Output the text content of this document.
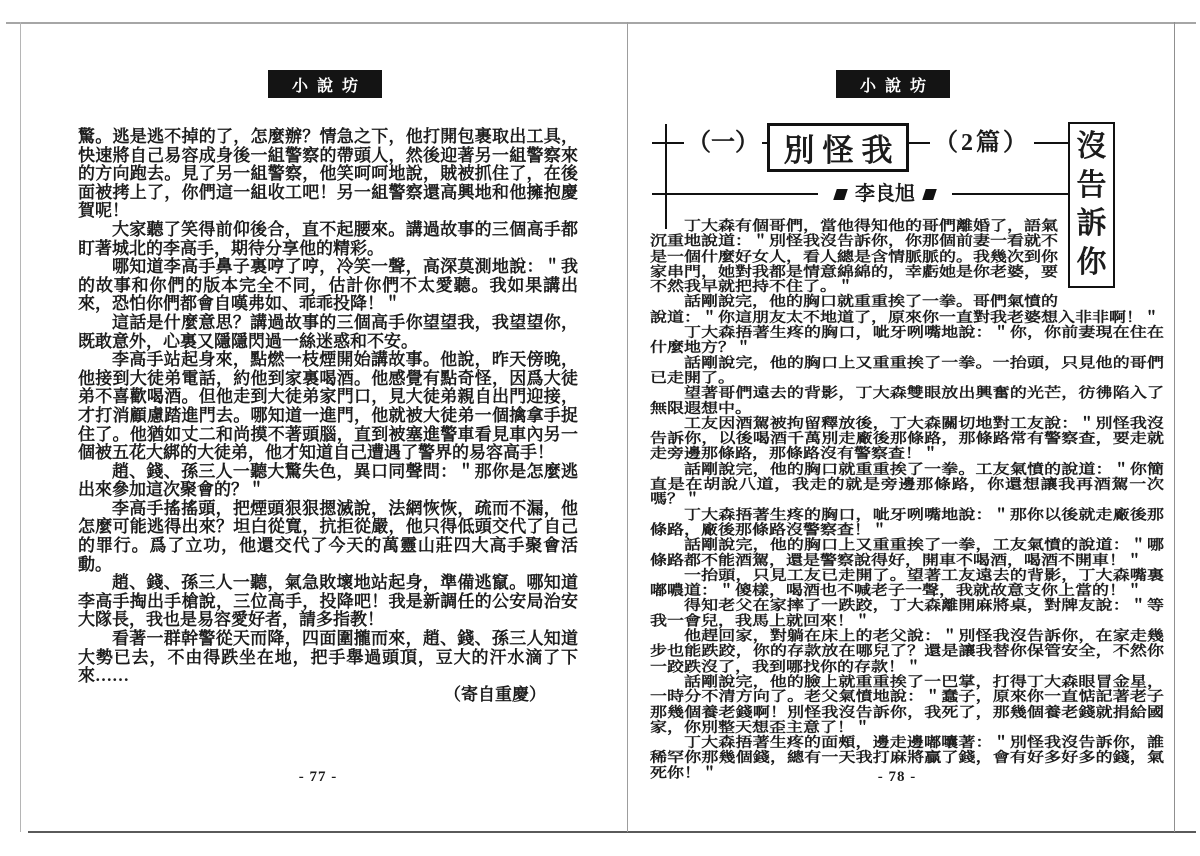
小說坊	小說坊

驚。逃是逃不掉的了，怎麼辦？情急之下，他打開包裹取出工具，快速將自己易容成身後一組警察的帶頭人，然後迎著另一組警察來的方向跑去。見了另一組警察，他笑呵呵地說，賊被抓住了，在後面被拷上了，你們這一組收工吧！另一組警察還高興地和他擁抱慶賀呢！

大家聽了笑得前仰後合，直不起腰來。講過故事的三個高手都盯著城北的李高手，期待分享他的精彩。

哪知道李高手鼻子裏哼了哼，冷笑一聲，高深莫測地說：＂我的故事和你們的版本完全不同，估計你們不太愛聽。我如果講出來，恐怕你們都會自嘆弗如、乖乖投降！＂

這話是什麼意思？講過故事的三個高手你望望我，我望望你，既敢意外，心裏又隱隱閃過一絲迷惑和不安。

李高手站起身來，點燃一枝煙開始講故事。他說，昨天傍晚，他接到大徒弟電話，約他到家裏喝酒。他感覺有點奇怪，因爲大徒弟不喜歡喝酒。但他走到大徒弟家門口，見大徒弟親自出門迎接，才打消顧慮踏進門去。哪知道一進門，他就被大徒弟一個擒拿手捉住了。他猶如丈二和尚摸不著頭腦，直到被塞進警車看見車內另一個被五花大綁的大徒弟，他才知道自己遭遇了警界的易容高手！

趙、錢、孫三人一聽大驚失色，異口同聲問：＂那你是怎麼逃出來參加這次聚會的？＂

李高手搖搖頭，把煙頭狠狠摁滅說，法網恢恢，疏而不漏，他怎麼可能逃得出來？坦白從寬，抗拒從嚴，他只得低頭交代了自己的罪行。爲了立功，他還交代了今天的萬靈山莊四大高手聚會活動。

趙、錢、孫三人一聽，氣急敗壞地站起身，準備逃竄。哪知道李高手掏出手槍說，三位高手，投降吧！我是新調任的公安局治安大隊長，我也是易容愛好者，請多指教！

看著一群幹警從天而降，四面圍攏而來，趙、錢、孫三人知道大勢已去，不由得跌坐在地，把手舉過頭頂，豆大的汗水滴了下來……

（寄自重慶）

- 77 -
（一） 別怪我	（2篇）
李良旭
沒
告
訴
你

丁大森有個哥們，當他得知他的哥們離婚了，語氣沉重地說道：＂別怪我沒告訴你，你那個前妻一看就不是一個什麼好女人，看人總是含情脈脈的。我幾次到你家串門，她對我都是情意綿綿的，幸虧她是你老婆，要不然我早就把持不住了。＂

話剛說完，他的胸口就重重挨了一拳。哥們氣憤的說道：＂你這朋友太不地道了，原來你一直對我老婆想入非非啊！＂

丁大森捂著生疼的胸口，呲牙咧嘴地說：＂你，你前妻現在住在什麼地方？＂

話剛說完，他的胸口上又重重挨了一拳。一抬頭，只見他的哥們已走開了。

望著哥們遠去的背影，丁大森雙眼放出興奮的光芒，彷彿陷入了無限遐想中。

工友因酒駕被拘留釋放後，丁大森關切地對工友說：＂別怪我沒告訴你，以後喝酒千萬別走廠後那條路，那條路常有警察查，要走就走旁邊那條路，那條路沒有警察查！＂

話剛說完，他的胸口就重重挨了一拳。工友氣憤的說道：＂你簡直是在胡說八道，我走的就是旁邊那條路，你還想讓我再酒駕一次嗎？＂

丁大森捂著生疼的胸口，呲牙咧嘴地說：＂那你以後就走廠後那條路，廠後那條路沒警察查！＂

話剛說完，他的胸口上又重重挨了一拳，工友氣憤的說道：＂哪條路都不能酒駕，還是警察說得好，開車不喝酒，喝酒不開車！＂

一抬頭，只見工友已走開了。望著工友遠去的背影，丁大森嘴裏嘟噥道：＂傻樣，喝酒也不喊老子一聲，我就故意支你上當的！＂

得知老父在家摔了一跌跤，丁大森離開麻將桌，對牌友說：＂等我一會兒，我馬上就回來！＂

他趕回家，對躺在床上的老父說：＂別怪我沒告訴你，在家走幾步也能跌跤，你的存款放在哪兒了？還是讓我替你保管安全，不然你一跤跌沒了，我到哪找你的存款！＂

話剛說完，他的臉上就重重挨了一巴掌，打得丁大森眼冒金星，一時分不清方向了。老父氣憤地說：＂蠢子，原來你一直惦記著老子那幾個養老錢啊！別怪我沒告訴你，我死了，那幾個養老錢就捐給國家，你別整天想歪主意了！＂

丁大森捂著生疼的面頰，邊走邊嘟囔著：＂別怪我沒告訴你，誰稀罕你那幾個錢，總有一天我打麻將贏了錢，會有好多好多的錢，氣死你！＂	- 78 -
